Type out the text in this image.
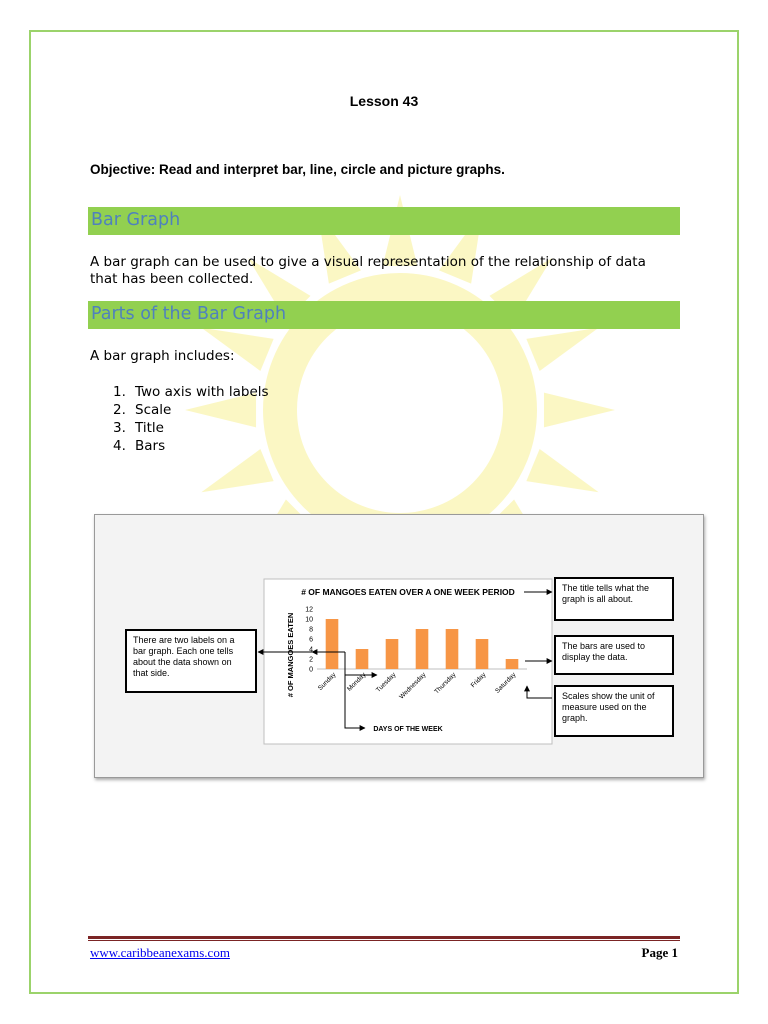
Lesson 43
Objective: Read and interpret bar, line, circle and picture graphs.
Bar Graph
A bar graph can be used to give a visual representation of the relationship of data
that has been collected.
Parts of the Bar Graph
A bar graph includes:
1. Two axis with labels
2. Scale
3. Title
4. Bars
# OF MANGOES EATEN OVER A ONE WEEK PERIOD
# OF MANGOES EATEN
DAYS OF THE WEEK
0
2
4
6
8
10
12
Sunday Monday Tuesday Wednesday Thursday Friday Saturday
There are two labels on a
bar graph. Each one tells
about the data shown on
that side.
The title tells what the
graph is all about.
The bars are used to
display the data.
Scales show the unit of
measure used on the
graph.
www.caribbeanexams.com	Page 1
